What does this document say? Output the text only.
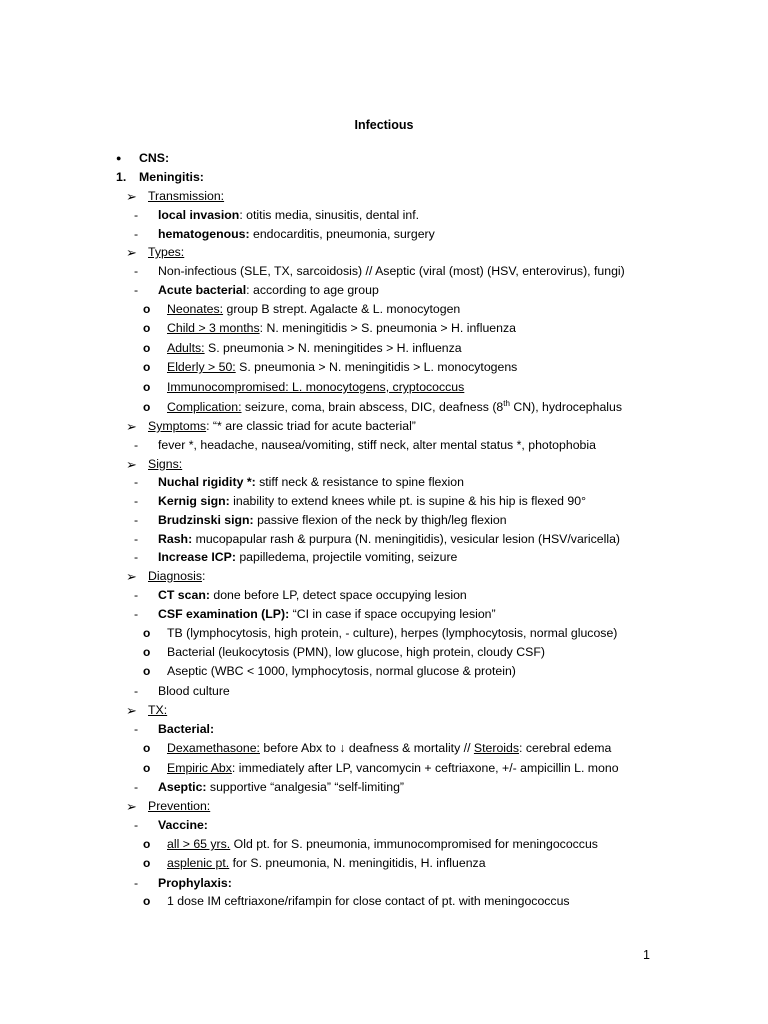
Infectious
● CNS:
1. Meningitis:
➢ Transmission:
- local invasion: otitis media, sinusitis, dental inf.
- hematogenous: endocarditis, pneumonia, surgery
➢ Types:
- Non-infectious (SLE, TX, sarcoidosis) // Aseptic (viral (most) (HSV, enterovirus), fungi)
- Acute bacterial: according to age group
o Neonates: group B strept. Agalacte & L. monocytogen
o Child > 3 months: N. meningitidis > S. pneumonia > H. influenza
o Adults: S. pneumonia > N. meningitides > H. influenza
o Elderly > 50: S. pneumonia > N. meningitidis > L. monocytogens
o Immunocompromised: L. monocytogens, cryptococcus
o Complication: seizure, coma, brain abscess, DIC, deafness (8th CN), hydrocephalus
➢ Symptoms: “* are classic triad for acute bacterial”
- fever *, headache, nausea/vomiting, stiff neck, alter mental status *, photophobia
➢ Signs:
- Nuchal rigidity *: stiff neck & resistance to spine flexion
- Kernig sign: inability to extend knees while pt. is supine & his hip is flexed 90°
- Brudzinski sign: passive flexion of the neck by thigh/leg flexion
- Rash: mucopapular rash & purpura (N. meningitidis), vesicular lesion (HSV/varicella)
- Increase ICP: papilledema, projectile vomiting, seizure
➢ Diagnosis:
- CT scan: done before LP, detect space occupying lesion
- CSF examination (LP): “CI in case if space occupying lesion”
o TB (lymphocytosis, high protein, - culture), herpes (lymphocytosis, normal glucose)
o Bacterial (leukocytosis (PMN), low glucose, high protein, cloudy CSF)
o Aseptic (WBC < 1000, lymphocytosis, normal glucose & protein)
- Blood culture
➢ TX:
- Bacterial:
o Dexamethasone: before Abx to ↓ deafness & mortality // Steroids: cerebral edema
o Empiric Abx: immediately after LP, vancomycin + ceftriaxone, +/- ampicillin L. mono
- Aseptic: supportive “analgesia” “self-limiting”
➢ Prevention:
- Vaccine:
o all > 65 yrs. Old pt. for S. pneumonia, immunocompromised for meningococcus
o asplenic pt. for S. pneumonia, N. meningitidis, H. influenza
- Prophylaxis:
o 1 dose IM ceftriaxone/rifampin for close contact of pt. with meningococcus
1
